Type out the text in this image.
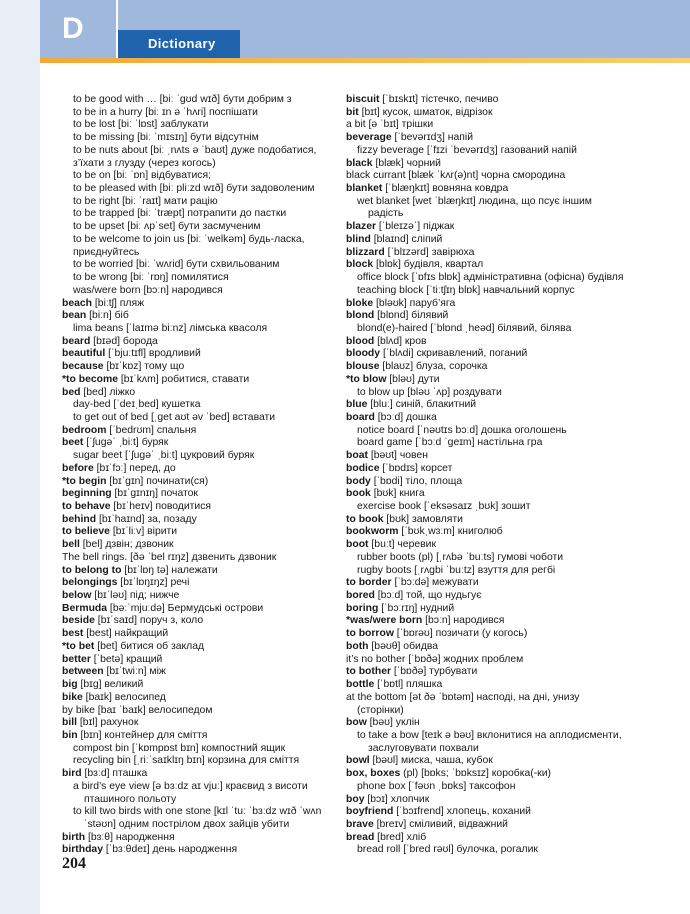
D	Dictionary
to be good with … [biː ˈɡʊd wɪð] бути добрим з
to be in a hurry [biː ɪn ə ˈhʌri] поспішати
to be lost [biː ˈlɒst] заблукати
to be missing [biː ˈmɪsɪŋ] бути відсутнім
to be nuts about [biː ˌnʌts ə ˈbaʊt] дуже подобатися,
з’їхати з глузду (через когось)
to be on [biː ˈɒn] відбуватися;
to be pleased with [biː pliːzd wɪð] бути задоволеним
to be right [biː ˈraɪt] мати рацію
to be trapped [biː ˈtræpt] потрапити до пастки
to be upset [biː ʌpˈset] бути засмученим
to be welcome to join us [biː ˈwelkəm] будь-ласка,
приєднуйтесь
to be worried [biː ˈwʌrid] бути схвильованим
to be wrong [biː ˈrɒŋ] помилятися
was/were born [bɔːn] народився
beach [biːtʃ] пляж
bean [biːn] біб
lima beans [ˈlaɪmə biːnz] лімська квасоля
beard [bɪəd] борода
beautiful [ˈbjuːtɪfl] вродливий
because [bɪˈkɒz] тому що
*to become [bɪˈkʌm] робитися, ставати
bed [bed] ліжко
day-bed [ˈdeɪˌbed] кушетка
to get out of bed [ˌɡet aʊt əv ˈbed] вставати
bedroom [ˈbedrʊm] спальня
beet [ˈʃuɡəˈ ˌbiːt] буряк
sugar beet [ˈʃuɡəˈ ˌbiːt] цукровий буряк
before [bɪˈfɔː] перед, до
*to begin [bɪˈɡɪn] починати(ся)
beginning [bɪˈɡɪnɪŋ] початок
to behave [bɪˈheɪv] поводитися
behind [bɪˈhaɪnd] за, позаду
to believe [bɪˈliːv] вірити
bell [bel] дзвін; дзвоник
The bell rings. [ðə ˈbel rɪŋz] дзвенить дзвоник
to belong to [bɪˈlɒŋ tə] належати
belongings [bɪˈlɒŋɪŋz] речі
below [bɪˈləʊ] під; нижче
Bermuda [bəːˈmjuːdə] Бермудські острови
beside [bɪˈsaɪd] поруч з, коло
best [best] найкращий
*to bet [bet] битися об заклад
better [ˈbetə] кращий
between [bɪˈtwiːn] між
big [bɪɡ] великий
bike [baɪk] велосипед
by bike [baɪ ˈbaɪk] велосипедом
bill [bɪl] рахунок
bin [bɪn] контейнер для сміття
compost bin [ˈkɒmpɒst bɪn] компостний ящик
recycling bin [ˌriːˈsaɪklɪŋ bɪn] корзина для сміття
bird [bɜːd] пташка
a bird’s eye view [ə bɜːdz aɪ vjuː] краєвид з висоти
пташиного польоту
to kill two birds with one stone [kɪl ˈtuː ˈbɜːdz wɪð ˈwʌn
ˈstəʊn] одним пострілом двох зайців убити
birth [bɜːθ] народження
birthday [ˈbɜːθdeɪ] день народження
biscuit [ˈbɪskɪt] тістечко, печиво
bit [bɪt] кусок, шматок, відрізок
a bit [ə ˈbɪt] трішки
beverage [ˈbevərɪdʒ] напій
fizzy beverage [ˈfɪzi ˈbevərɪdʒ] газований напій
black [blæk] чорний
black currant [blæk ˈkʌr(ə)nt] чорна смородина
blanket [ˈblæŋkɪt] вовняна ковдра
wet blanket [wet ˈblæŋkɪt] людина, що псує іншим
радість
blazer [ˈbleɪzəˈ] піджак
blind [blaɪnd] сліпий
blizzard [ˈblɪzərd] завірюха
block [blɒk] будівля, квартал
office block [ˈɒfɪs blɒk] адміністративна (офісна) будівля
teaching block [ˈtiːtʃɪŋ blɒk] навчальний корпус
bloke [bləʊk] паруб’яга
blond [blɒnd] білявий
blond(e)-haired [ˈblɒnd ˌheəd] білявий, білява
blood [blʌd] кров
bloody [ˈblʌdi] скривавлений, поганий
blouse [blaʊz] блуза, сорочка
*to blow [bləʊ] дути
to blow up [bləʊ ˈʌp] роздувати
blue [bluː] синій, блакитний
board [bɔːd] дошка
notice board [ˈnəʊtɪs bɔːd] дошка оголошень
board game [ˈbɔːd ˈɡeɪm] настільна гра
boat [bəʊt] човен
bodice [ˈbɒdɪs] корсет
body [ˈbɒdi] тіло, площа
book [bʊk] книга
exercise book [ˈeksəsaɪz ˌbʊk] зошит
to book [bʊk] замовляти
bookworm [ˈbʊkˌwɜːm] книголюб
boot [buːt] черевик
rubber boots (pl) [ˌrʌbə ˈbuːts] гумові чоботи
rugby boots [ˌrʌɡbi ˈbuːtz] взуття для регбі
to border [ˈbɔːdə] межувати
bored [bɔːd] той, що нудьгує
boring [ˈbɔːrɪŋ] нудний
*was/were born [bɔːn] народився
to borrow [ˈbɒrəʊ] позичати (у когось)
both [bəʊθ] обидва
it’s no bother [ˈbɒðə] жодних проблем
to bother [ˈbɒðə] турбувати
bottle [ˈbɒtl] пляшка
at the bottom [ət ðə ˈbɒtəm] насподі, на дні, унизу
(сторінки)
bow [bəʊ] уклін
to take a bow [teɪk ə bəʊ] вклонитися на аплодисменти,
заслуговувати похвали
bowl [bəʊl] миска, чаша, кубок
box, boxes (pl) [bɒks; ˈbɒksɪz] коробка(-ки)
phone box [ˈfəʊn ˌbɒks] таксофон
boy [bɔɪ] хлопчик
boyfriend [ˈbɔɪfrend] хлопець, коханий
brave [breɪv] сміливий, відважний
bread [bred] хліб
bread roll [ˈbred rəʊl] булочка, рогалик
204
